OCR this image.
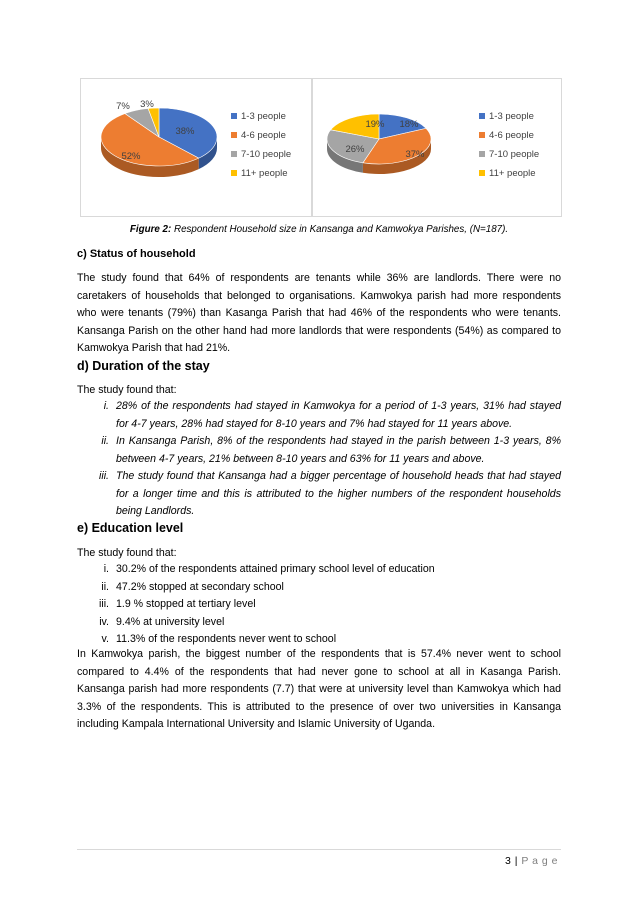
38%
52%
7% 3%
1-3 people
4-6 people
7-10 people
11+ people
18%
37%
26%
19%
1-3 people
4-6 people
7-10 people
11+ people
Figure 2: Respondent Household size in Kansanga and Kamwokya Parishes, (N=187).
c) Status of household
The study found that 64% of respondents are tenants while 36% are landlords. There were no caretakers of households that belonged to organisations. Kamwokya parish had more respondents who were tenants (79%) than Kasanga Parish that had 46% of the respondents who were tenants. Kansanga Parish on the other hand had more landlords that were respondents (54%) as compared to Kamwokya Parish that had 21%.
d) Duration of the stay
The study found that:
i. 28% of the respondents had stayed in Kamwokya for a period of 1-3 years, 31% had stayed for 4-7 years, 28% had stayed for 8-10 years and 7% had stayed for 11 years above.
ii. In Kansanga Parish, 8% of the respondents had stayed in the parish between 1-3 years, 8% between 4-7 years, 21% between 8-10 years and 63% for 11 years and above.
iii. The study found that Kansanga had a bigger percentage of household heads that had stayed for a longer time and this is attributed to the higher numbers of the respondent households being Landlords.
e) Education level
The study found that:
i. 30.2% of the respondents attained primary school level of education
ii. 47.2% stopped at secondary school
iii. 1.9 % stopped at tertiary level
iv. 9.4% at university level
v. 11.3% of the respondents never went to school
In Kamwokya parish, the biggest number of the respondents that is 57.4% never went to school compared to 4.4% of the respondents that had never gone to school at all in Kasanga Parish. Kansanga parish had more respondents (7.7) that were at university level than Kamwokya which had 3.3% of the respondents. This is attributed to the presence of over two universities in Kansanga including Kampala International University and Islamic University of Uganda.
3 | P a g e
